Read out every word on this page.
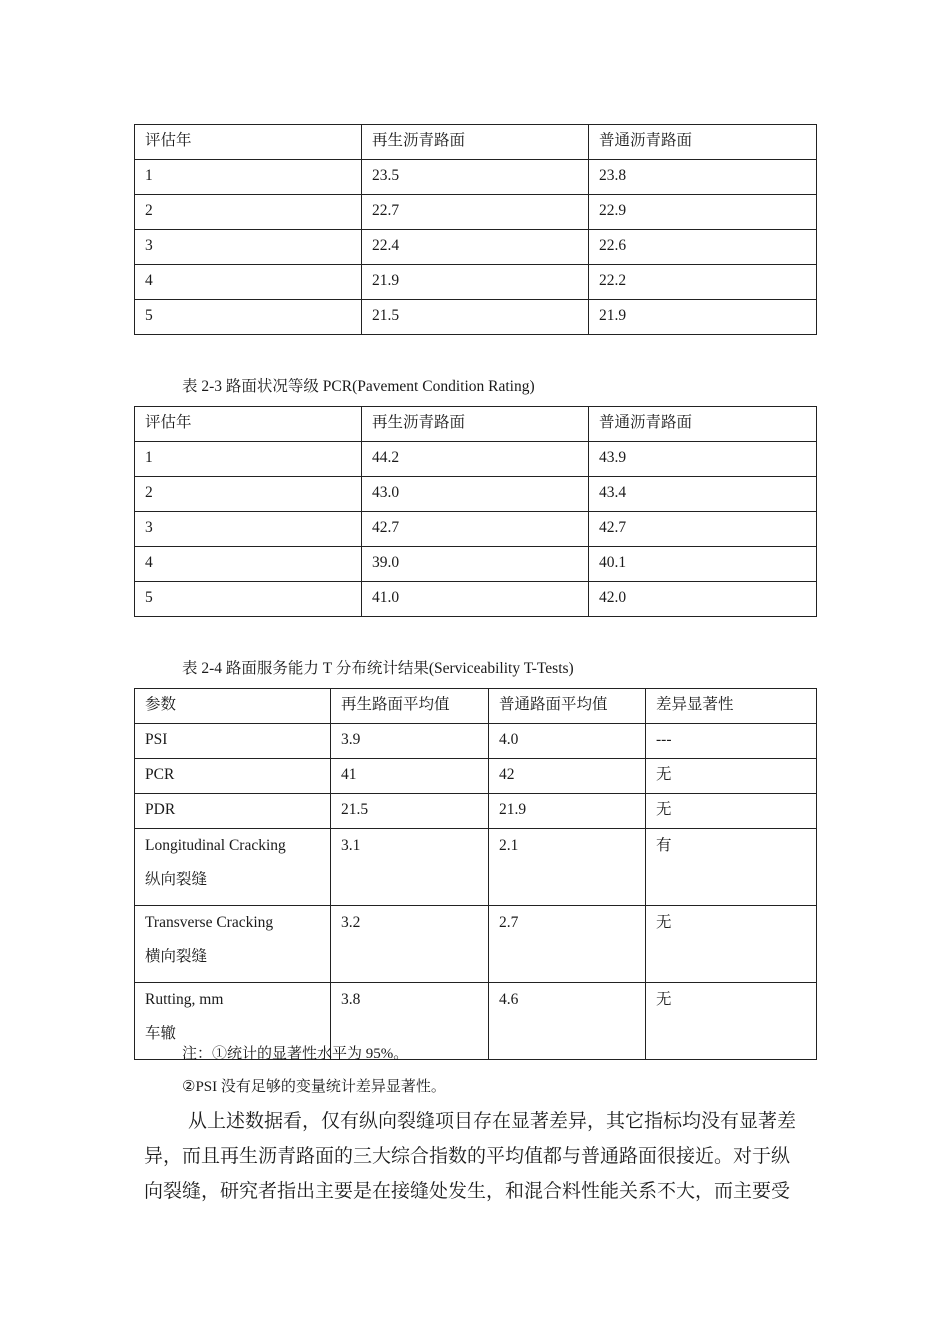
评估年	再生沥青路面	普通沥青路面
1	23.5	23.8
2	22.7	22.9
3	22.4	22.6
4	21.9	22.2
5	21.5	21.9
表 2-3 路面状况等级 PCR(Pavement Condition Rating)
评估年	再生沥青路面	普通沥青路面
1	44.2	43.9
2	43.0	43.4
3	42.7	42.7
4	39.0	40.1
5	41.0	42.0
表 2-4 路面服务能力 T 分布统计结果(Serviceability T-Tests)
参数	再生路面平均值	普通路面平均值	差异显著性
PSI	3.9	4.0	---
PCR	41	42	无
PDR	21.5	21.9	无

Longitudinal Cracking
纵向裂缝	3.1	2.1	有

Transverse Cracking
横向裂缝	3.2	2.7	无

Rutting, mm
车辙	3.8	4.6	无
注：①统计的显著性水平为 95%。
②PSI 没有足够的变量统计差异显著性。
从上述数据看，仅有纵向裂缝项目存在显著差异，其它指标均没有显著差
异，而且再生沥青路面的三大综合指数的平均值都与普通路面很接近。对于纵
向裂缝，研究者指出主要是在接缝处发生，和混合料性能关系不大，而主要受
